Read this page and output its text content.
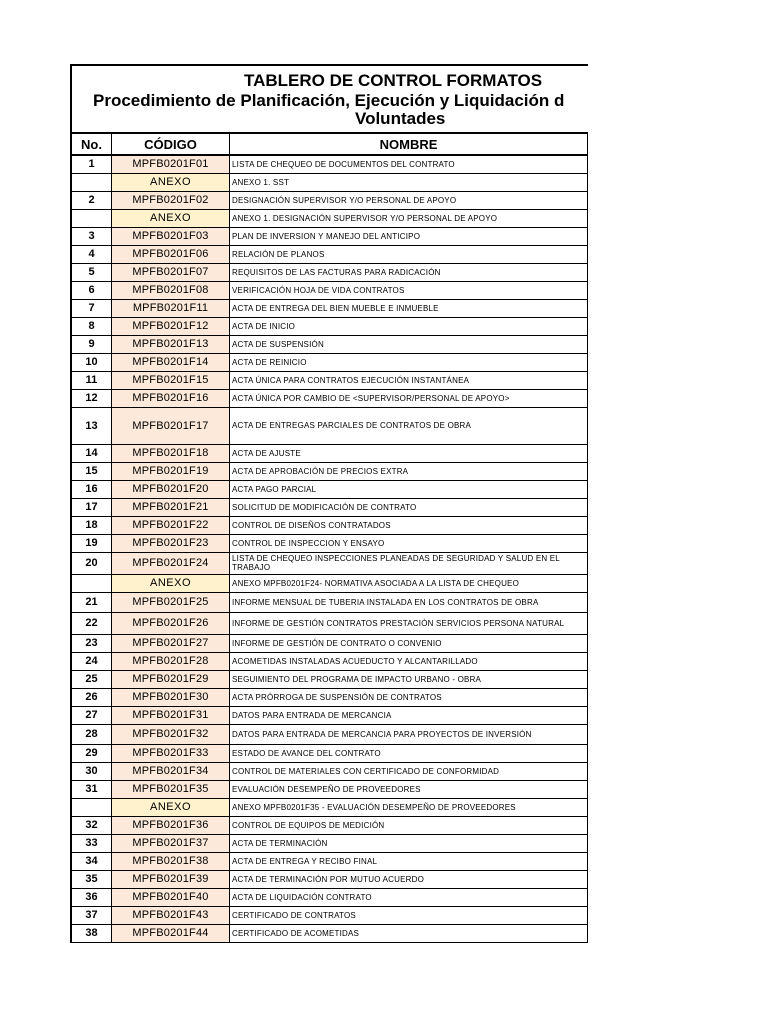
TABLERO DE CONTROL FORMATOS
Procedimiento de Planificación, Ejecución y Liquidación d
Voluntades
No.	CÓDIGO	NOMBRE
1	MPFB0201F01	LISTA DE CHEQUEO DE DOCUMENTOS DEL CONTRATO
	ANEXO	ANEXO 1. SST
2	MPFB0201F02	DESIGNACIÓN SUPERVISOR Y/O PERSONAL DE APOYO
	ANEXO	ANEXO 1. DESIGNACIÓN SUPERVISOR Y/O PERSONAL DE APOYO
3	MPFB0201F03	PLAN DE INVERSION Y MANEJO DEL ANTICIPO
4	MPFB0201F06	RELACIÓN DE PLANOS
5	MPFB0201F07	REQUISITOS DE LAS FACTURAS PARA RADICACIÓN
6	MPFB0201F08	VERIFICACIÓN HOJA DE VIDA CONTRATOS
7	MPFB0201F11	ACTA DE ENTREGA DEL BIEN MUEBLE E INMUEBLE
8	MPFB0201F12	ACTA DE INICIO
9	MPFB0201F13	ACTA DE SUSPENSIÓN
10	MPFB0201F14	ACTA DE REINICIO
11	MPFB0201F15	ACTA ÚNICA PARA CONTRATOS EJECUCIÓN INSTANTÁNEA
12	MPFB0201F16	ACTA ÚNICA POR CAMBIO DE <SUPERVISOR/PERSONAL DE APOYO>
13	MPFB0201F17	ACTA DE ENTREGAS PARCIALES DE CONTRATOS DE OBRA
14	MPFB0201F18	ACTA DE AJUSTE
15	MPFB0201F19	ACTA DE APROBACIÓN DE PRECIOS EXTRA
16	MPFB0201F20	ACTA PAGO PARCIAL
17	MPFB0201F21	SOLICITUD DE MODIFICACIÓN DE CONTRATO
18	MPFB0201F22	CONTROL DE DISEÑOS CONTRATADOS
19	MPFB0201F23	CONTROL DE INSPECCION Y ENSAYO
20	MPFB0201F24	LISTA DE CHEQUEO INSPECCIONES PLANEADAS DE SEGURIDAD Y SALUD EN EL TRABAJO
	ANEXO	ANEXO MPFB0201F24- NORMATIVA ASOCIADA A LA LISTA DE CHEQUEO
21	MPFB0201F25	INFORME MENSUAL DE TUBERIA INSTALADA EN LOS CONTRATOS DE OBRA
22	MPFB0201F26	INFORME DE GESTIÓN CONTRATOS PRESTACIÓN SERVICIOS PERSONA NATURAL
23	MPFB0201F27	INFORME DE GESTIÓN DE CONTRATO O CONVENIO
24	MPFB0201F28	ACOMETIDAS INSTALADAS ACUEDUCTO Y ALCANTARILLADO
25	MPFB0201F29	SEGUIMIENTO DEL PROGRAMA DE IMPACTO URBANO - OBRA
26	MPFB0201F30	ACTA PRÓRROGA DE SUSPENSIÓN DE CONTRATOS
27	MPFB0201F31	DATOS PARA ENTRADA DE MERCANCIA
28	MPFB0201F32	DATOS PARA ENTRADA DE MERCANCIA PARA PROYECTOS DE INVERSIÓN
29	MPFB0201F33	ESTADO DE AVANCE DEL CONTRATO
30	MPFB0201F34	CONTROL DE MATERIALES CON CERTIFICADO DE CONFORMIDAD
31	MPFB0201F35	EVALUACIÓN DESEMPEÑO DE PROVEEDORES
	ANEXO	ANEXO MPFB0201F35 - EVALUACIÓN DESEMPEÑO DE PROVEEDORES
32	MPFB0201F36	CONTROL DE EQUIPOS DE MEDICIÓN
33	MPFB0201F37	ACTA DE TERMINACIÓN
34	MPFB0201F38	ACTA DE ENTREGA Y RECIBO FINAL
35	MPFB0201F39	ACTA DE TERMINACIÓN POR MUTUO ACUERDO
36	MPFB0201F40	ACTA DE LIQUIDACIÓN CONTRATO
37	MPFB0201F43	CERTIFICADO DE CONTRATOS
38	MPFB0201F44	CERTIFICADO DE ACOMETIDAS
